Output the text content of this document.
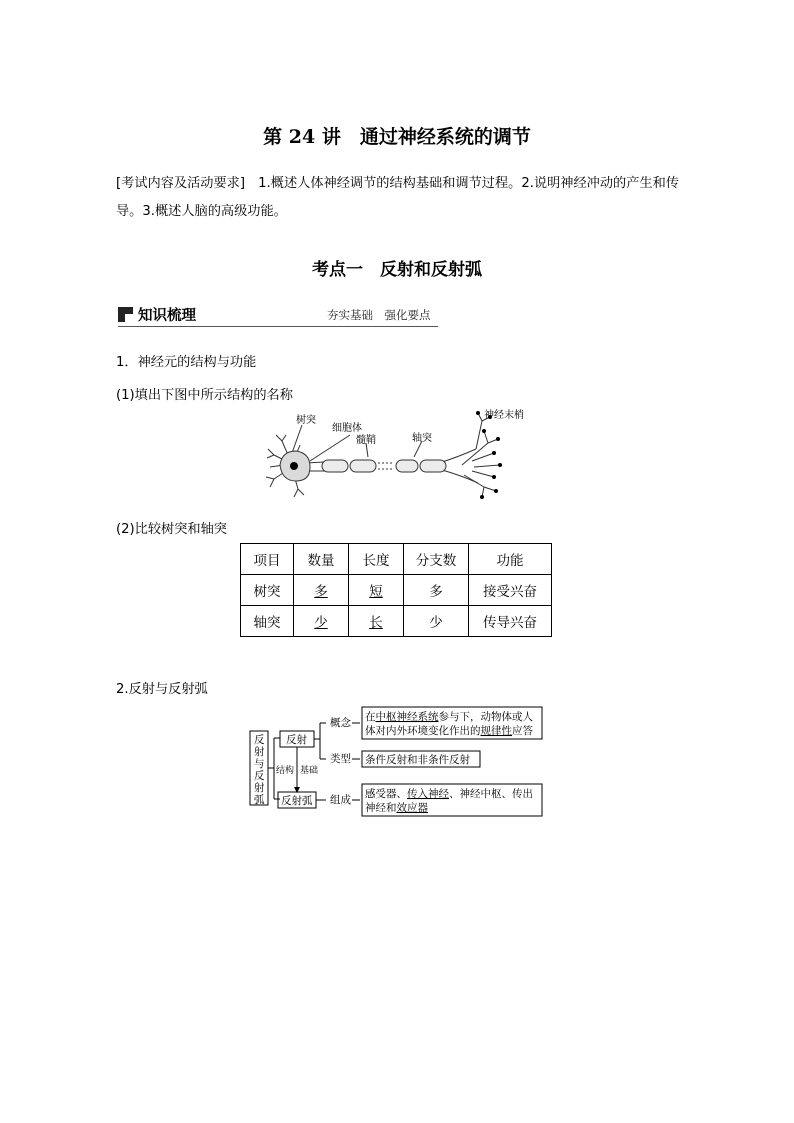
第 24 讲　通过神经系统的调节
[考试内容及活动要求]　1.概述人体神经调节的结构基础和调节过程。2.说明神经冲动的产生和传导。3.概述人脑的高级功能。
考点一　反射和反射弧
知识梳理	夯实基础　强化要点
1．神经元的结构与功能
(1)填出下图中所示结构的名称
树突
细胞体
髓鞘	轴突
神经末梢
(2)比较树突和轴突
项目	数量	长度	分支数	功能
树突	多	短	多	接受兴奋
轴突	少	长	少	传导兴奋
2.反射与反射弧
反
射
与
反
射
弧
反射
反射弧
概念
类型
组成
结构 基础
在中枢神经系统参与下，动物体或人
体对内外环境变化作出的规律性应答
条件反射和非条件反射
感受器、传入神经、神经中枢、传出
神经和效应器
